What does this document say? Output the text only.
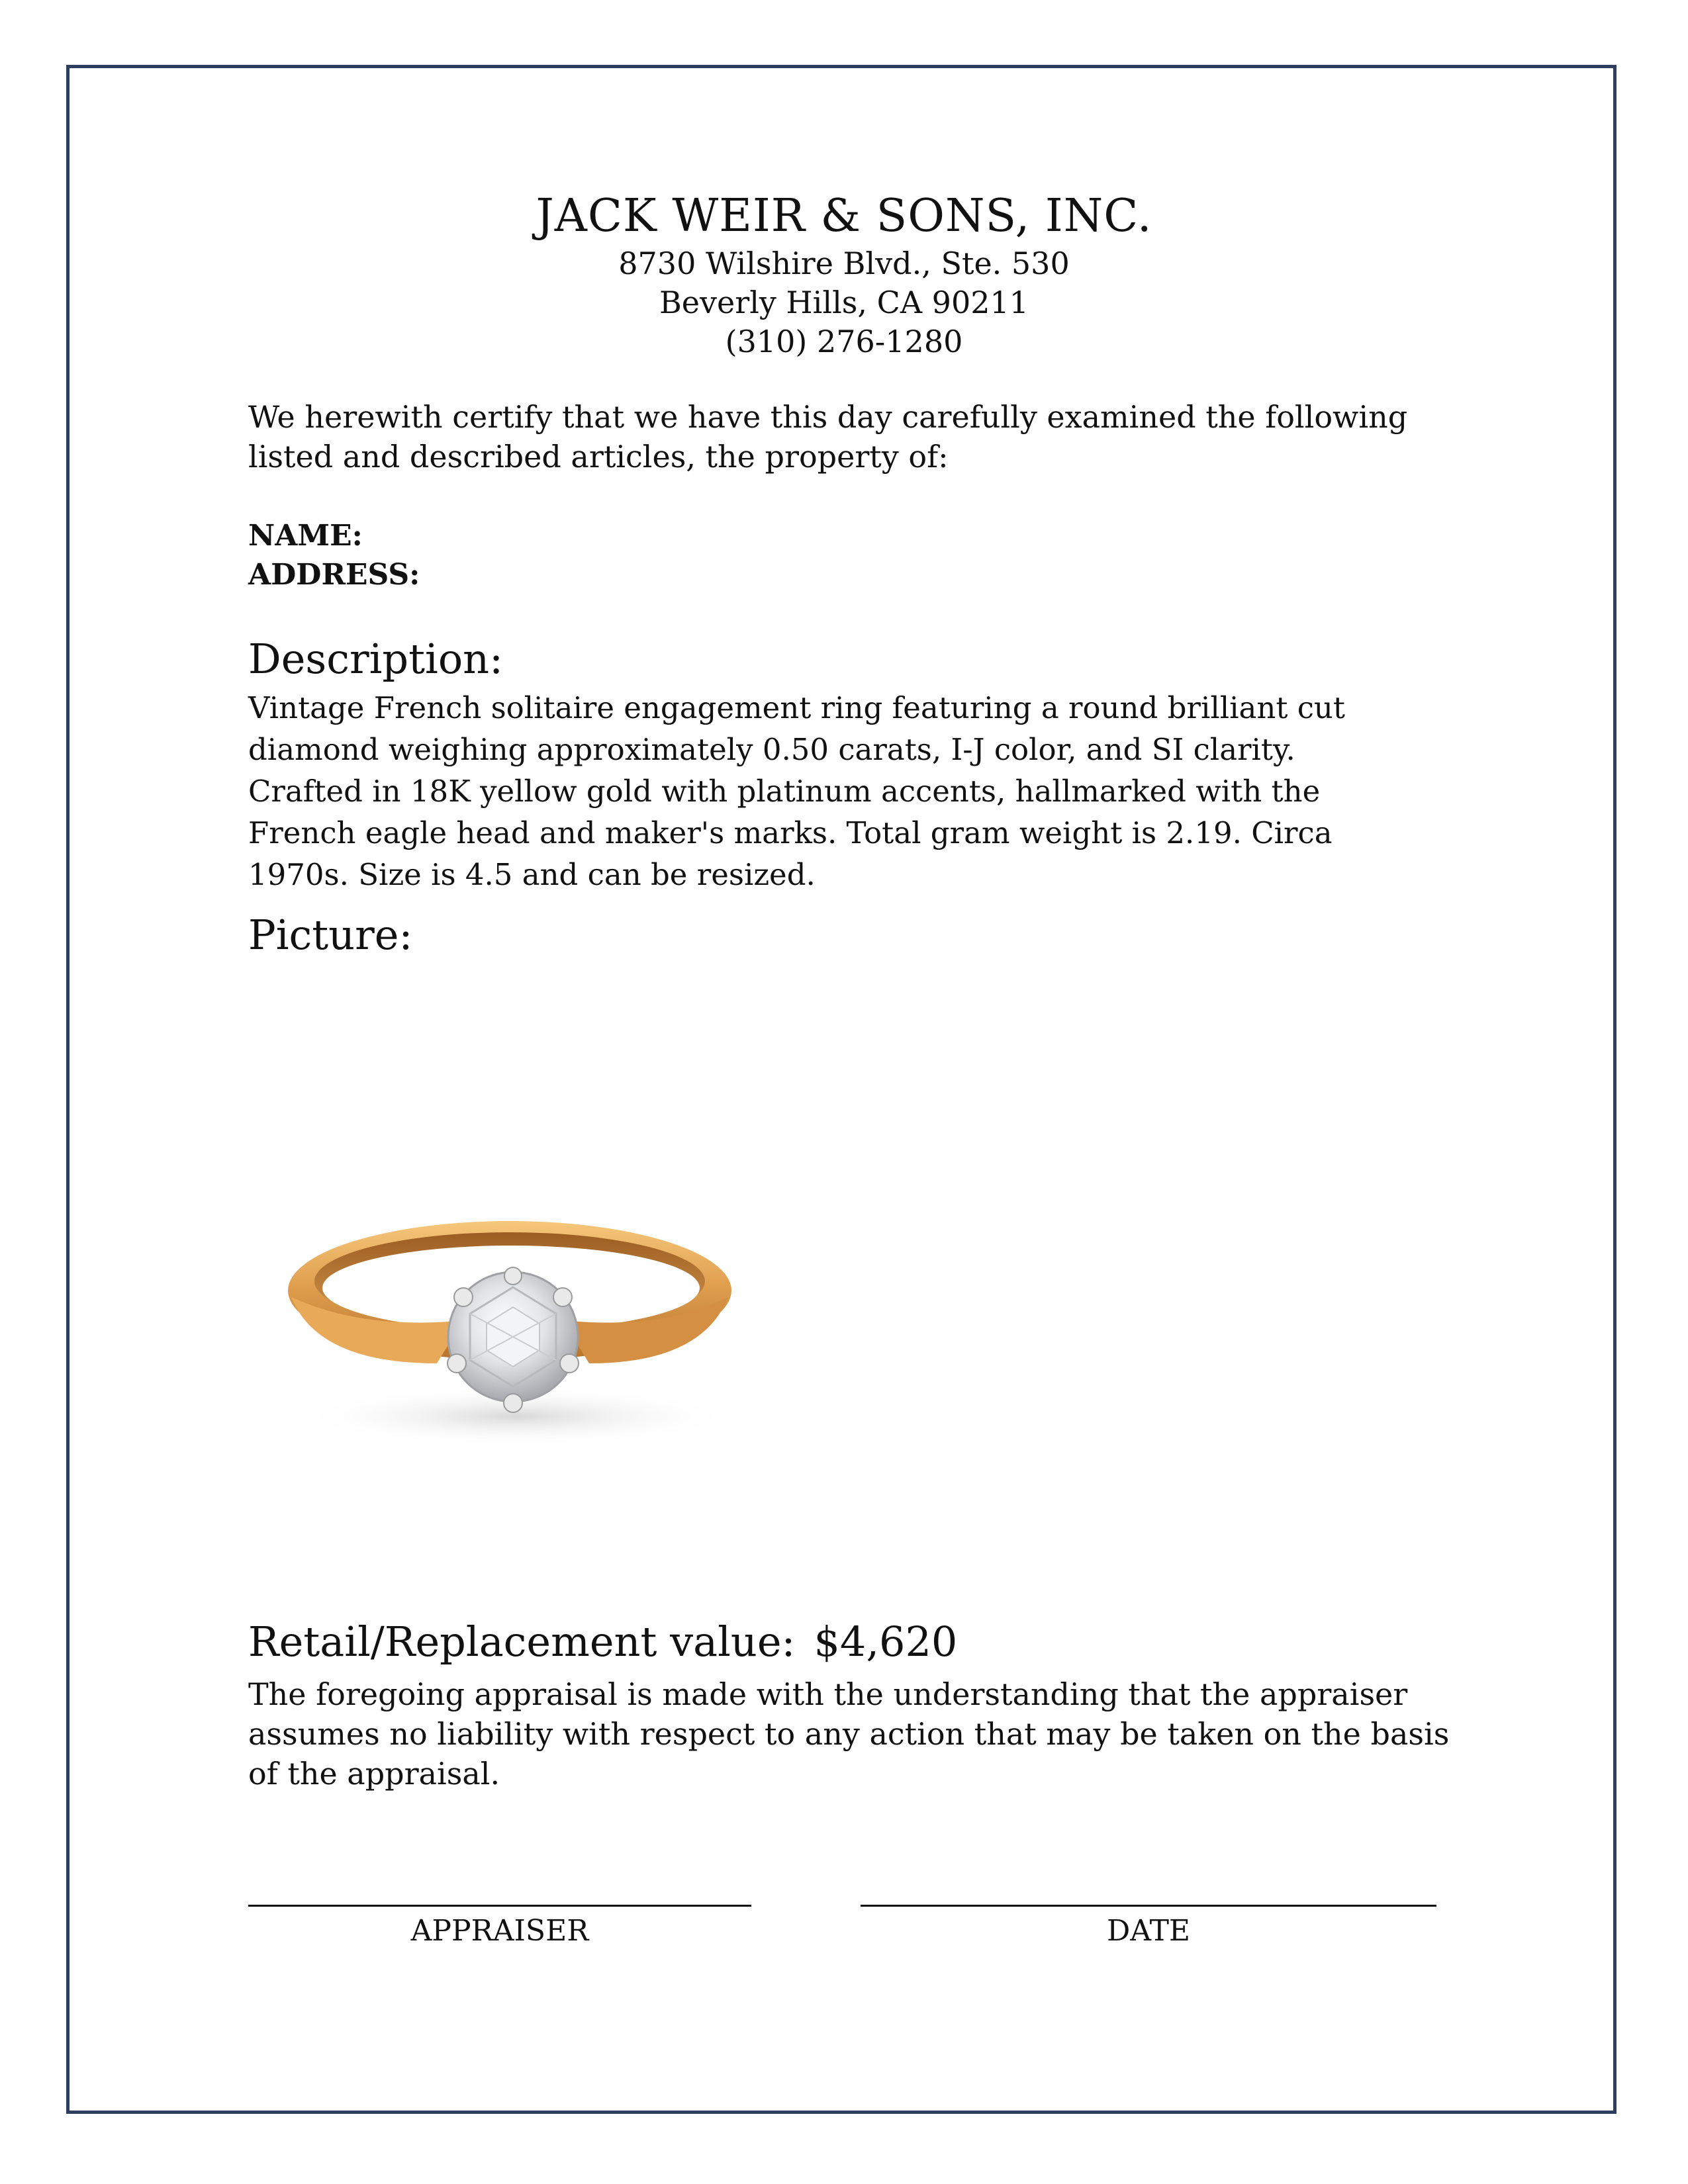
JACK WEIR & SONS, INC.
8730 Wilshire Blvd., Ste. 530
Beverly Hills, CA 90211
(310) 276-1280
We herewith certify that we have this day carefully examined the following listed and described articles, the property of:
NAME:
ADDRESS:
Description:
Vintage French solitaire engagement ring featuring a round brilliant cut diamond weighing approximately 0.50 carats, I-J color, and SI clarity. Crafted in 18K yellow gold with platinum accents, hallmarked with the French eagle head and maker's marks. Total gram weight is 2.19. Circa 1970s. Size is 4.5 and can be resized.
Picture:
Retail/Replacement value: $4,620
The foregoing appraisal is made with the understanding that the appraiser assumes no liability with respect to any action that may be taken on the basis of the appraisal.
APPRAISER	DATE
